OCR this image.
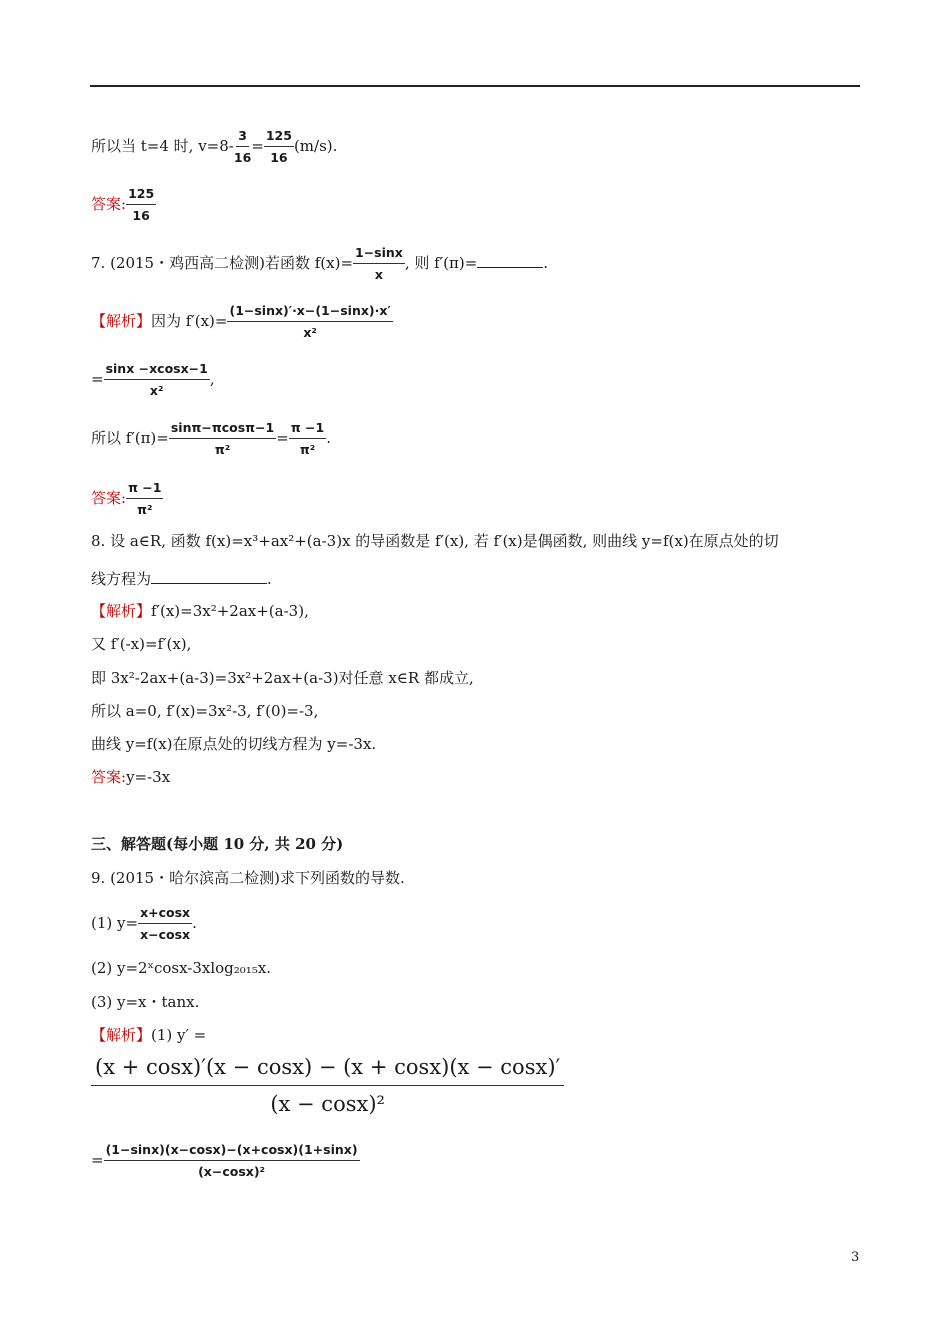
所以当 t=4 时, $v=8- \frac{3}{16} = \frac{125}{16} (m/s)$.
答案: $\frac{125}{16}$
7. (2015・鸡西高二检测)若函数 $f(x)= \frac{1-\sin x}{x}$ , 则 f′(π)=	.
【解析】因为 $f'(x)= \frac{(1-\sin x)'\cdot x-(1-\sin x)\cdot x'}{\text{x²}}$
= $\frac{\sin x -xcosx-1}{\text{x²}}$ ,
所以 $f'(\pi)= \frac{\sin\pi-\pi\cos\pi-1}{\text{π²}} = \frac{\pi -1}{\text{π²}}$ .
答案: $\frac{\pi -1}{\text{π²}}$
8. 设 a∈R, 函数 f(x)=x³+ax²+(a-3)x 的导函数是 f′(x), 若 f′(x)是偶函数, 则曲线 y=f(x)在原点处的切
线方程为	.
【解析】f′(x)=3x²+2ax+(a-3),
又 f′(-x)=f′(x),
即 3x²-2ax+(a-3)=3x²+2ax+(a-3)对任意 x∈R 都成立,
所以 a=0, f′(x)=3x²-3, f′(0)=-3,
曲线 y=f(x)在原点处的切线方程为 y=-3x.
答案:y=-3x
三、解答题(每小题 10 分, 共 20 分)
9. (2015・哈尔滨高二检测)求下列函数的导数.
(1) $y= \frac{x+\cos x}{x-\cos x}$ .
(2) y=2ˣcosx-3xlog₂₀₁₅x.
(3) y=x・tanx.
【解析】(1) y′ =
(x + cosx)′(x − cosx) − (x + cosx)(x − cosx)′
(x − cosx)²
= $\frac{(1-\sin x)(x-\cos x)-(x+\cos x)(1+\sin x)}{\text{(x−cosx)²}}$
3
